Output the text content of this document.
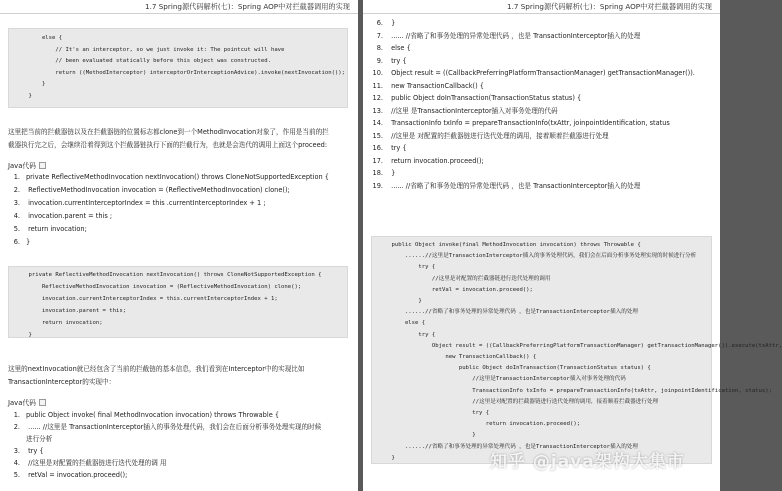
1.7 Spring源代码解析(七)：Spring AOP中对拦截器调用的实现
else {
// It's an interceptor, so we just invoke it: The pointcut will have
// been evaluated statically before this object was constructed.
return ((MethodInterceptor) interceptorOrInterceptionAdvice).invoke(nextInvocation());
}
}
这里把当前的拦截器链以及在拦截器链的位置标志都clone到一个MethodInvocation对象了，作用是当前的拦
截器执行完之后，会继续沿着得到这个拦截器链执行下面的拦截行为，也就是会迭代的调用上面这个proceed:
Java代码
1. private ReflectiveMethodInvocation nextInvocation() throws CloneNotSupportedException {
2. ReflectiveMethodInvocation invocation = (ReflectiveMethodInvocation) clone();
3. invocation.currentInterceptorIndex = this .currentInterceptorIndex + 1 ;
4. invocation.parent = this ;
5. return invocation;
6. }
private ReflectiveMethodInvocation nextInvocation() throws CloneNotSupportedException {
ReflectiveMethodInvocation invocation = (ReflectiveMethodInvocation) clone();
invocation.currentInterceptorIndex = this.currentInterceptorIndex + 1;
invocation.parent = this;
return invocation;
}
这里的nextInvocation就已经包含了当前的拦截链的基本信息，我们看到在Interceptor中的实现比如
TransactionInterceptor的实现中：
Java代码
1. public Object invoke( final MethodInvocation invocation) throws Throwable {
2. ...... //这里是 TransactionInterceptor插入的事务处理代码，我们会在后面分析事务处理实现的时候
进行分析
3. try {
4. //这里是对配置的拦截器链进行迭代处理的调 用
5. retVal = invocation.proceed();
1.7 Spring源代码解析(七)：Spring AOP中对拦截器调用的实现
6. }
7. ...... //省略了和事务处理的异常处理代码 ，也是 TransactionInterceptor插入的处理
8. else {
9. try {
10. Object result = ((CallbackPreferringPlatformTransactionManager) getTransactionManager()).
11. new TransactionCallback() {
12. public Object doInTransaction(TransactionStatus status) {
13. //这里 是TransactionInterceptor插入对事务处理的代码
14. TransactionInfo txInfo = prepareTransactionInfo(txAttr, joinpointIdentification, status
15. //这里是 对配置的拦截器链进行迭代处理的调用，接着顺着拦截器进行处理
16. try {
17. return invocation.proceed();
18. }
19. ...... //省略了和事务处理的异常处理代码 ，也是 TransactionInterceptor插入的处理
public Object invoke(final MethodInvocation invocation) throws Throwable {
......//这里是TransactionInterceptor插入的事务处理代码，我们会在后面分析事务处理实现的时候进行分析
try {
//这里是对配置的拦截器链进行迭代处理的调用
retVal = invocation.proceed();
}
......//省略了和事务处理的异常处理代码 ，也是TransactionInterceptor插入的处理
else {
try {
Object result = ((CallbackPreferringPlatformTransactionManager) getTransactionManager()).execute(txAttr,
new TransactionCallback() {
public Object doInTransaction(TransactionStatus status) {
//这里是TransactionInterceptor插入对事务处理的代码
TransactionInfo txInfo = prepareTransactionInfo(txAttr, joinpointIdentification, status);
//这里是对配置的拦截器链进行迭代处理的调用，接着顺着拦截器进行处理
try {
return invocation.proceed();
}
......//省略了和事务处理的异常处理代码 ，也是TransactionInterceptor插入的处理
}	知乎 @java架构大集市
